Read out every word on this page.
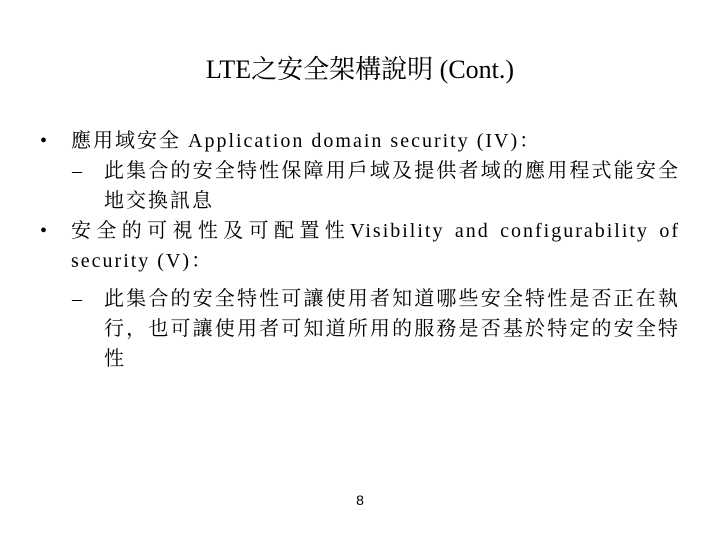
LTE之安全架構說明 (Cont.)
• 應用域安全 Application domain security (IV)：
– 此集合的安全特性保障用戶域及提供者域的應用程式能安全地交換訊息
• 安全的可視性及可配置性Visibility and configurability of security (V)：
– 此集合的安全特性可讓使用者知道哪些安全特性是否正在執行，也可讓使用者可知道所用的服務是否基於特定的安全特性
8
